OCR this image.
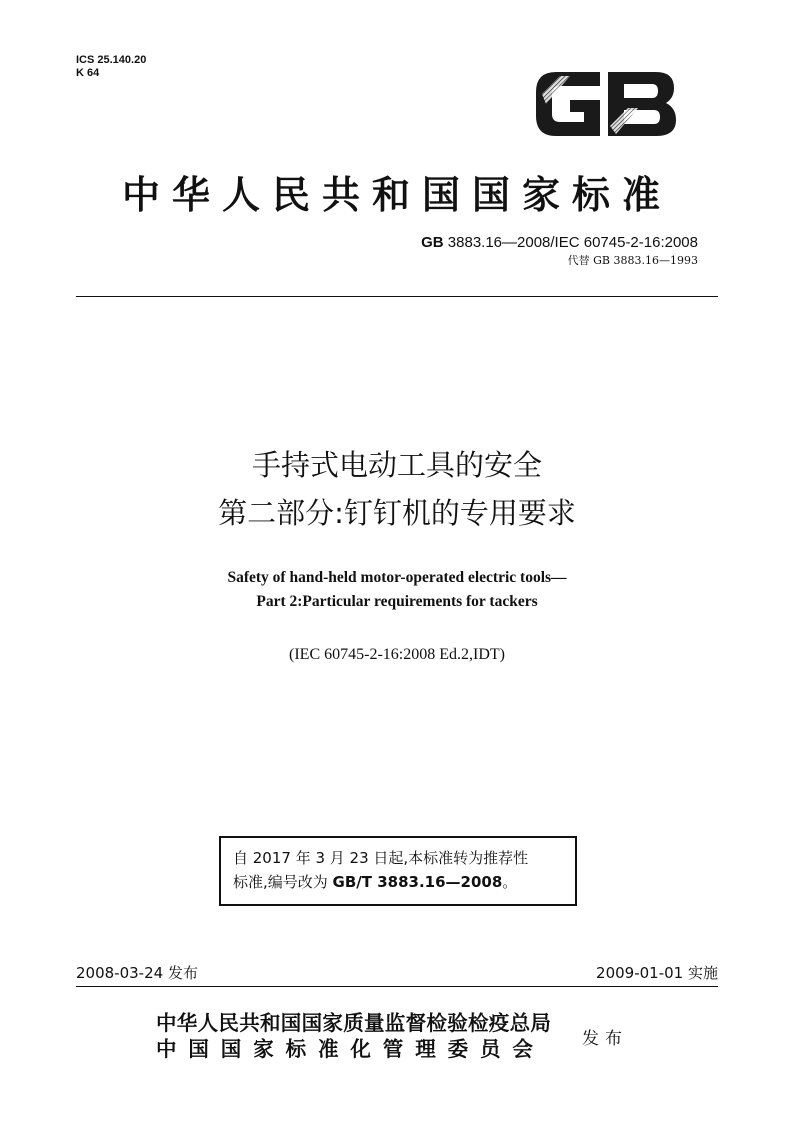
ICS 25.140.20
K 64
GB
中华人民共和国国家标准
GB 3883.16—2008/IEC 60745-2-16:2008
代替 GB 3883.16—1993
手持式电动工具的安全
第二部分:钉钉机的专用要求
Safety of hand-held motor-operated electric tools—
Part 2:Particular requirements for tackers
(IEC 60745-2-16:2008 Ed.2,IDT)
自 2017 年 3 月 23 日起,本标准转为推荐性
标准,编号改为 GB/T 3883.16—2008。
2008-03-24 发布	2009-01-01 实施
中华人民共和国国家质量监督检验检疫总局
中国国家标准化管理委员会	发布
